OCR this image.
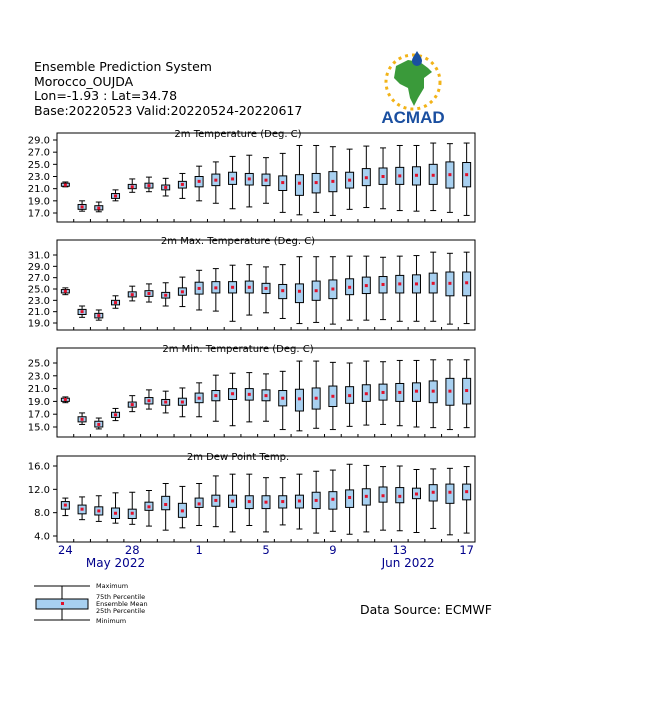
Ensemble Prediction System
Morocco_OUJDA
Lon=-1.93 : Lat=34.78
Base:20220523 Valid:20220524-20220617	ACMAD
2m Temperature (Deg. C)
17.0
19.0
21.0
23.0
25.0
27.0
29.0
2m Max. Temperature (Deg. C)
19.0
21.0
23.0
25.0
27.0
29.0
31.0
2m Min. Temperature (Deg. C)
15.0
17.0
19.0
21.0
23.0
25.0
2m Dew Point Temp.
4.0
8.0
12.0
16.0
24	28	1	5	9	13	17
May 2022	Jun 2022
Maximum
75th Percentile
Ensemble Mean
25th Percentile
Minimum
Data Source: ECMWF
